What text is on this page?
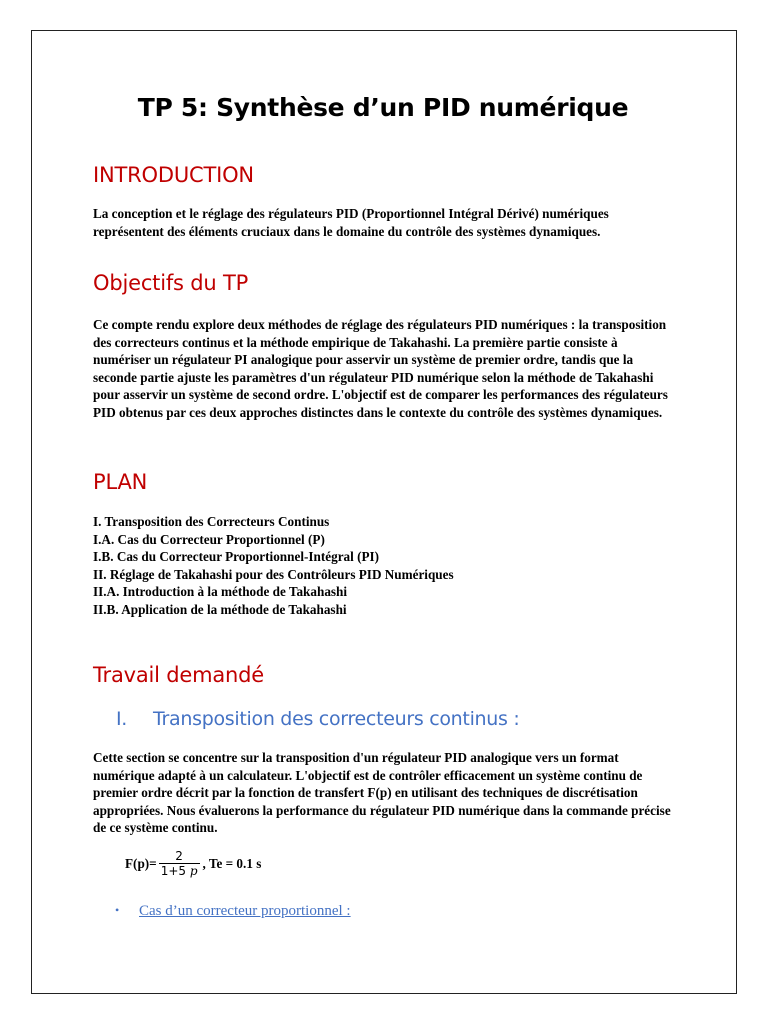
TP 5: Synthèse d’un PID numérique
INTRODUCTION

La conception et le réglage des régulateurs PID (Proportionnel Intégral Dérivé) numériques représentent des éléments cruciaux dans le domaine du contrôle des systèmes dynamiques.

Objectifs du TP

Ce compte rendu explore deux méthodes de réglage des régulateurs PID numériques : la transposition des correcteurs continus et la méthode empirique de Takahashi. La première partie consiste à numériser un régulateur PI analogique pour asservir un système de premier ordre, tandis que la seconde partie ajuste les paramètres d'un régulateur PID numérique selon la méthode de Takahashi pour asservir un système de second ordre. L'objectif est de comparer les performances des régulateurs PID obtenus par ces deux approches distinctes dans le contexte du contrôle des systèmes dynamiques.

PLAN
I. Transposition des Correcteurs Continus
I.A. Cas du Correcteur Proportionnel (P)
I.B. Cas du Correcteur Proportionnel-Intégral (PI)
II. Réglage de Takahashi pour des Contrôleurs PID Numériques
II.A. Introduction à la méthode de Takahashi
II.B. Application de la méthode de Takahashi
Travail demandé
I. Transposition des correcteurs continus :

Cette section se concentre sur la transposition d'un régulateur PID analogique vers un format numérique adapté à un calculateur. L'objectif est de contrôler efficacement un système continu de premier ordre décrit par la fonction de transfert F(p) en utilisant des techniques de discrétisation appropriées. Nous évaluerons la performance du régulateur PID numérique dans la commande précise de ce système continu.

$F(p)= \frac{2}{1+5 p}$ , Te = 0.1 s
• Cas d’un correcteur proportionnel :
